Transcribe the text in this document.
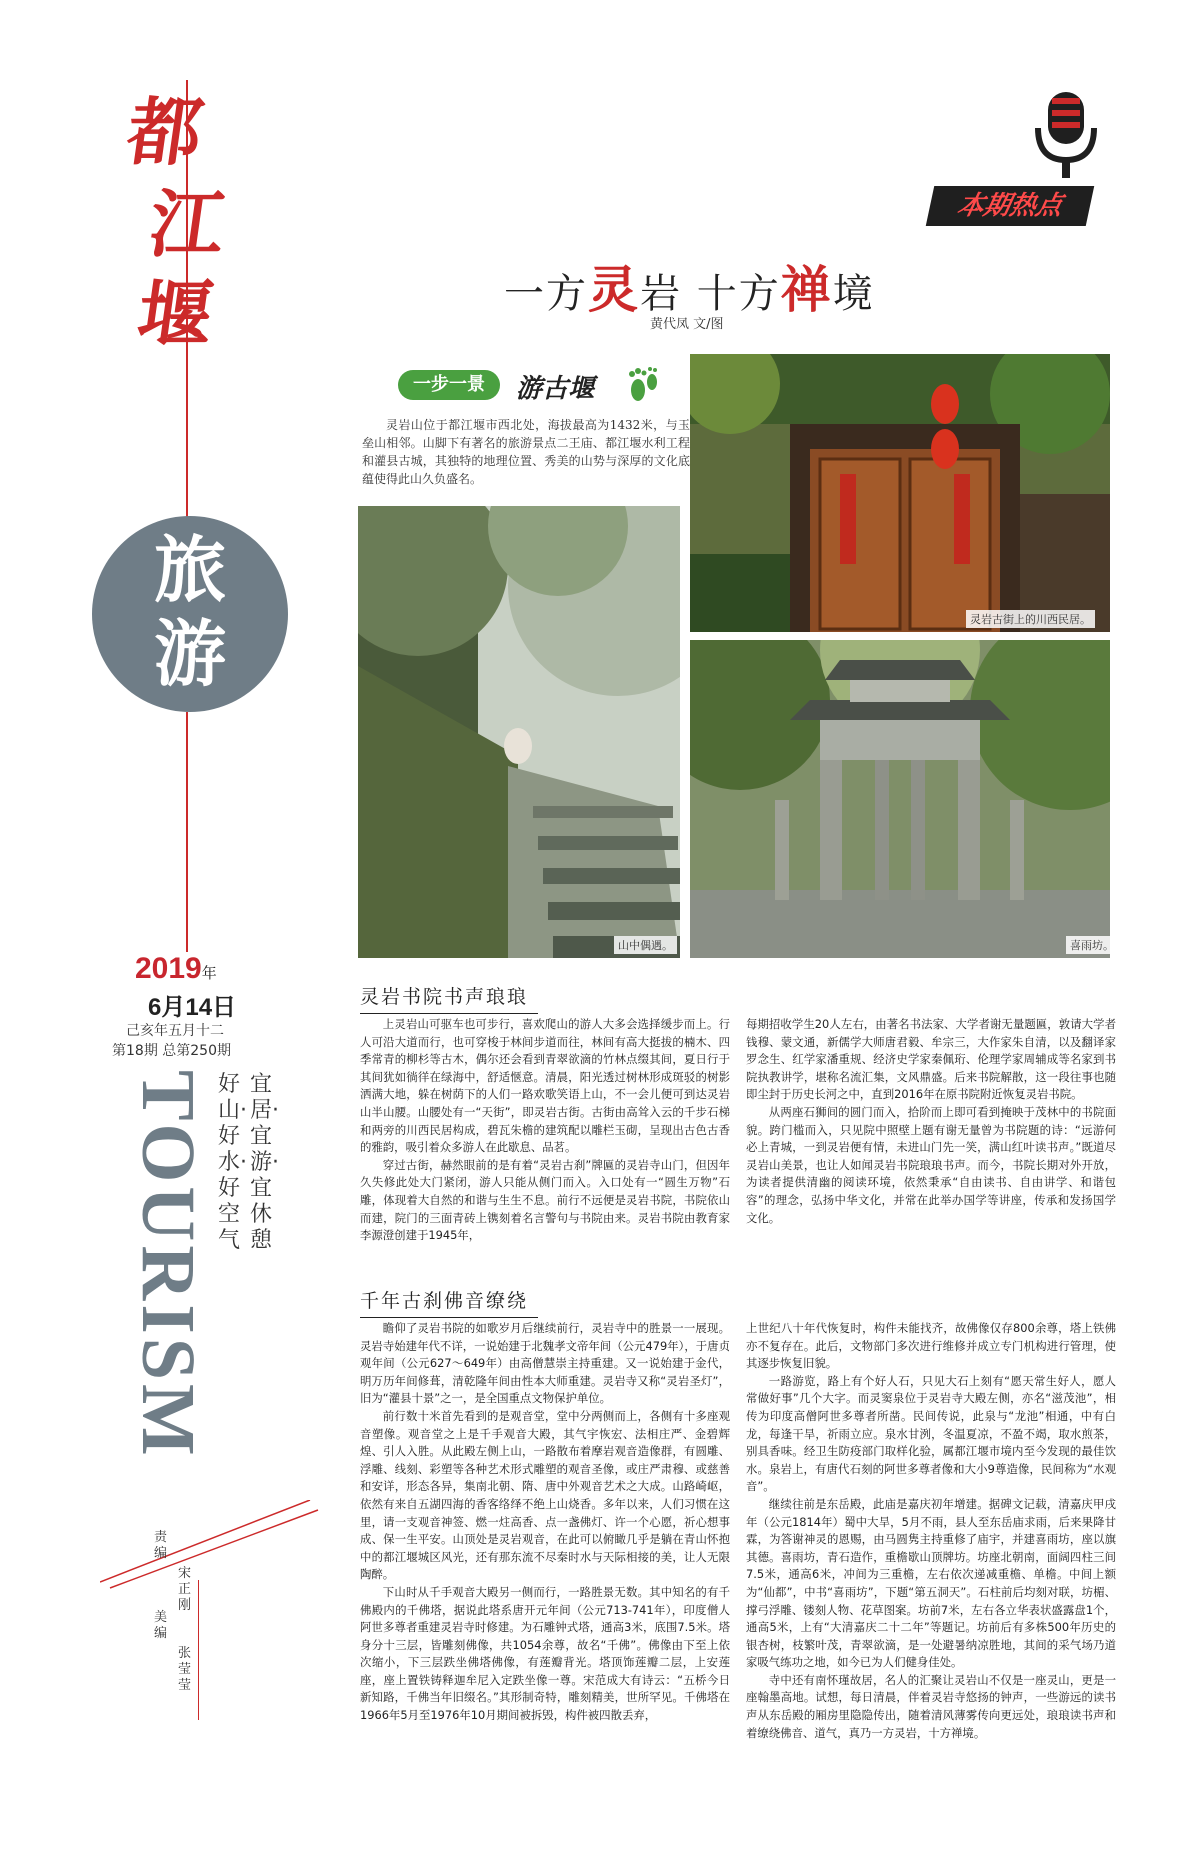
都
江
堰
旅
游
2019年
6月14日
己亥年五月十二
第18期 总第250期
TOURISM 好山·好水·好空气
宜居·宜游·宜休憩
责编
宋正刚
美编
张莹莹
本期热点
一方灵岩 十方禅境
黄代凤 文/图
一步一景	游古堰
灵岩山位于都江堰市西北处，海拔最高为1432米，与玉垒山相邻。山脚下有著名的旅游景点二王庙、都江堰水利工程和灌县古城，其独特的地理位置、秀美的山势与深厚的文化底蕴使得此山久负盛名。
灵岩古街上的川西民居。
山中偶遇。	喜雨坊。
灵岩书院书声琅琅

上灵岩山可驱车也可步行，喜欢爬山的游人大多会选择缓步而上。行人可沿大道而行，也可穿梭于林间步道而往，林间有高大挺拔的楠木、四季常青的柳杉等古木，偶尔还会看到青翠欲滴的竹林点缀其间，夏日行于其间犹如徜徉在绿海中，舒适惬意。清晨，阳光透过树林形成斑驳的树影洒满大地，躲在树荫下的人们一路欢歌笑语上山，不一会儿便可到达灵岩山半山腰。山腰处有一“天街”，即灵岩古街。古街由高耸入云的千步石梯和两旁的川西民居构成，碧瓦朱檐的建筑配以雕栏玉砌，呈现出古色古香的雅韵，吸引着众多游人在此歇息、品茗。

穿过古街，赫然眼前的是有着“灵岩古刹”牌匾的灵岩寺山门，但因年久失修此处大门紧闭，游人只能从侧门而入。入口处有一“圆生万物”石雕，体现着大自然的和谐与生生不息。前行不远便是灵岩书院，书院依山而建，院门的三面青砖上镌刻着名言警句与书院由来。灵岩书院由教育家李源澄创建于1945年，

每期招收学生20人左右，由著名书法家、大学者谢无量题匾，敦请大学者钱穆、蒙文通，新儒学大师唐君毅、牟宗三，大作家朱自清，以及翻译家罗念生、红学家潘重规、经济史学家秦佩珩、伦理学家周辅成等名家到书院执教讲学，堪称名流汇集，文风鼎盛。后来书院解散，这一段往事也随即尘封于历史长河之中，直到2016年在原书院附近恢复灵岩书院。

从两座石狮间的圆门而入，拾阶而上即可看到掩映于茂林中的书院面貌。跨门槛而入，只见院中照壁上题有谢无量曾为书院题的诗：“远游何必上青城，一到灵岩便有情，未进山门先一笑，满山红叶读书声。”既道尽灵岩山美景，也让人如闻灵岩书院琅琅书声。而今，书院长期对外开放，为读者提供清幽的阅读环境，依然秉承“自由读书、自由讲学、和谐包容”的理念，弘扬中华文化，并常在此举办国学等讲座，传承和发扬国学文化。

千年古刹佛音缭绕

瞻仰了灵岩书院的如歌岁月后继续前行，灵岩寺中的胜景一一展现。灵岩寺始建年代不详，一说始建于北魏孝文帝年间（公元479年），于唐贞观年间（公元627～649年）由高僧慧崇主持重建。又一说始建于金代，明万历年间修葺，清乾隆年间由性本大师重建。灵岩寺又称“灵岩圣灯”，旧为“灌县十景”之一，是全国重点文物保护单位。

前行数十米首先看到的是观音堂，堂中分两侧而上，各侧有十多座观音塑像。观音堂之上是千手观音大殿，其气宇恢宏、法相庄严、金碧辉煌、引人入胜。从此殿左侧上山，一路散布着摩岩观音造像群，有圆雕、浮雕、线刻、彩塑等各种艺术形式雕塑的观音圣像，或庄严肃穆、或慈善和安详，形态各异，集南北朝、隋、唐中外观音艺术之大成。山路崎岖，依然有来自五湖四海的香客络绎不绝上山烧香。多年以来，人们习惯在这里，请一支观音神签、燃一炷高香、点一盏佛灯、许一个心愿，祈心想事成、保一生平安。山顶处是灵岩观音，在此可以俯瞰几乎是躺在青山怀抱中的都江堰城区风光，还有那东流不尽秦时水与天际相接的美，让人无限陶醉。

下山时从千手观音大殿另一侧而行，一路胜景无数。其中知名的有千佛殿内的千佛塔，据说此塔系唐开元年间（公元713-741年），印度僧人阿世多尊者重建灵岩寺时修建。为石雕钟式塔，通高3米，底围7.5米。塔身分十三层，皆雕刻佛像，共1054余尊，故名“千佛”。佛像由下至上依次缩小，下三层跌坐佛塔佛像，有莲瓣背光。塔顶饰莲瓣二层，上安莲座，座上置铁铸释迦牟尼入定跌坐像一尊。宋范成大有诗云：“五桥今日新知路，千佛当年旧缀名。”其形制奇特，雕刻精美，世所罕见。千佛塔在1966年5月至1976年10月期间被拆毁，构件被四散丢弃，

上世纪八十年代恢复时，构件未能找齐，故佛像仅存800余尊，塔上铁佛亦不复存在。此后，文物部门多次进行维修并成立专门机构进行管理，使其逐步恢复旧貌。

一路游览，路上有个好人石，只见大石上刻有“愿天常生好人，愿人常做好事”几个大字。而灵窦泉位于灵岩寺大殿左侧，亦名“滋茂池”，相传为印度高僧阿世多尊者所凿。民间传说，此泉与“龙池”相通，中有白龙，每逢干旱，祈雨立应。泉水甘洌，冬温夏凉，不盈不竭，取水煎茶，别具香味。经卫生防疫部门取样化验，属都江堰市境内至今发现的最佳饮水。泉岩上，有唐代石刻的阿世多尊者像和大小9尊造像，民间称为“水观音”。

继续往前是东岳殿，此庙是嘉庆初年增建。据碑文记载，清嘉庆甲戌年（公元1814年）蜀中大旱，5月不雨，县人至东岳庙求雨，后来果降甘霖，为答谢神灵的恩赐，由马圆隽主持重修了庙宇，并建喜雨坊，座以旗其德。喜雨坊，青石造作，重檐歇山顶牌坊。坊座北朝南，面阔四柱三间7.5米，通高6米，冲间为三重檐，左右依次递减重檐、单檐。中间上额为“仙都”，中书“喜雨坊”，下题“第五洞天”。石柱前后均刻对联，坊楣、撑弓浮雕、镂刻人物、花草图案。坊前7米，左右各立华表状盛露盘1个，通高5米，上有“大清嘉庆二十二年”等题记。坊前后有多株500年历史的银杏树，枝繁叶茂，青翠欲滴，是一处避暑纳凉胜地，其间的采气场乃道家吸气练功之地，如今已为人们健身佳处。

寺中还有南怀瑾故居，名人的汇聚让灵岩山不仅是一座灵山，更是一座翰墨高地。试想，每日清晨，伴着灵岩寺悠扬的钟声，一些游远的读书声从东岳殿的厢房里隐隐传出，随着清风薄雾传向更远处，琅琅读书声和着缭绕佛音、道气，真乃一方灵岩，十方禅境。
